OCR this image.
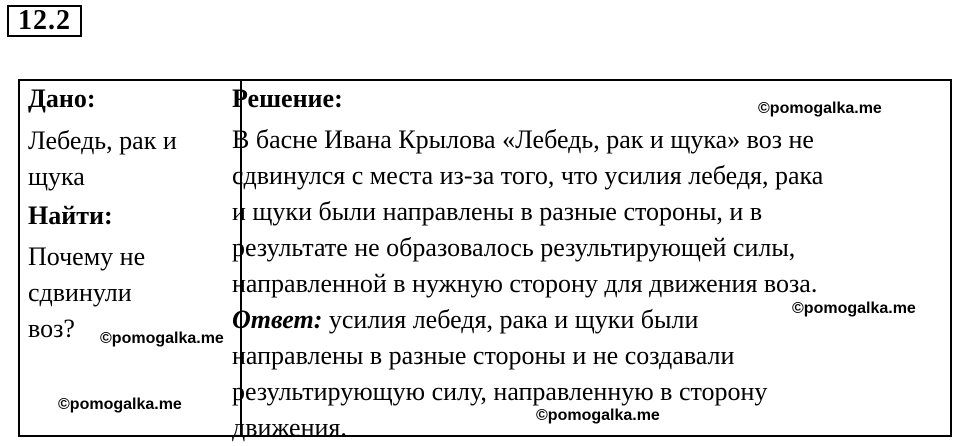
12.2
Дано:
Лебедь, рак и
щука
Найти:
Почему не
сдвинули
воз?
Решение:
В басне Ивана Крылова «Лебедь, рак и щука» воз не
сдвинулся с места из-за того, что усилия лебедя, рака
и щуки были направлены в разные стороны, и в
результате не образовалось результирующей силы,
направленной в нужную сторону для движения воза.
Ответ: усилия лебедя, рака и щуки были
направлены в разные стороны и не создавали
результирующую силу, направленную в сторону
движения.
©pomogalka.me
©pomogalka.me
©pomogalka.me
©pomogalka.me
©pomogalka.me
